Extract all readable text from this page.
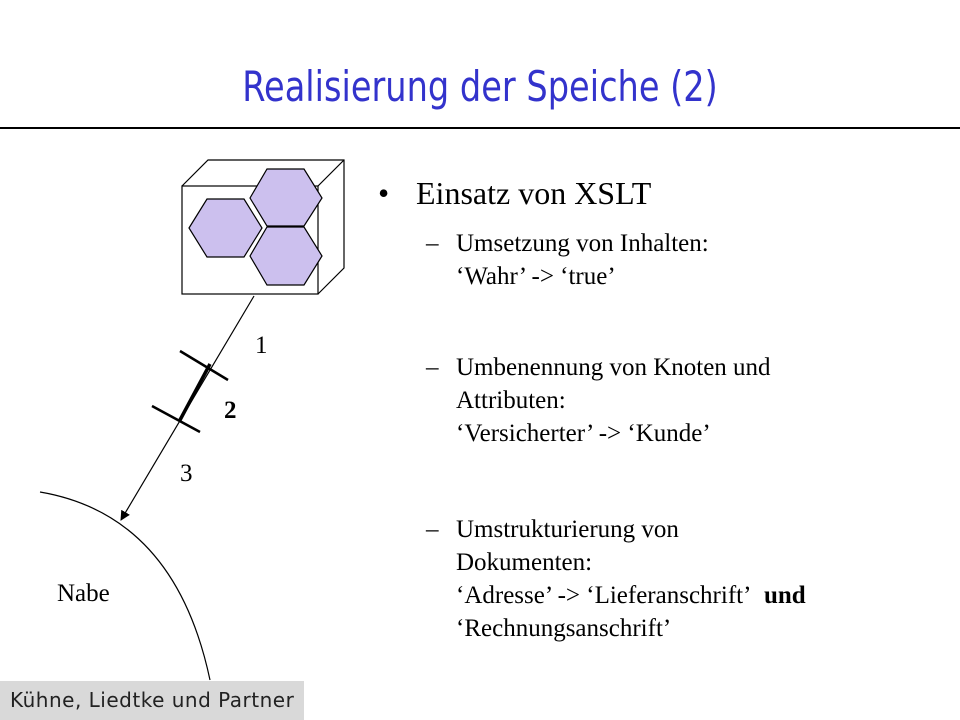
Realisierung der Speiche (2)
1
2
3
Nabe
• Einsatz von XSLT
– Umsetzung von Inhalten:
‘Wahr’ -> ‘true’
– Umbenennung von Knoten und
Attributen:
‘Versicherter’ -> ‘Kunde’
– Umstrukturierung von
Dokumenten:
‘Adresse’ -> ‘Lieferanschrift’ und
‘Rechnungsanschrift’
Kühne, Liedtke und Partner
